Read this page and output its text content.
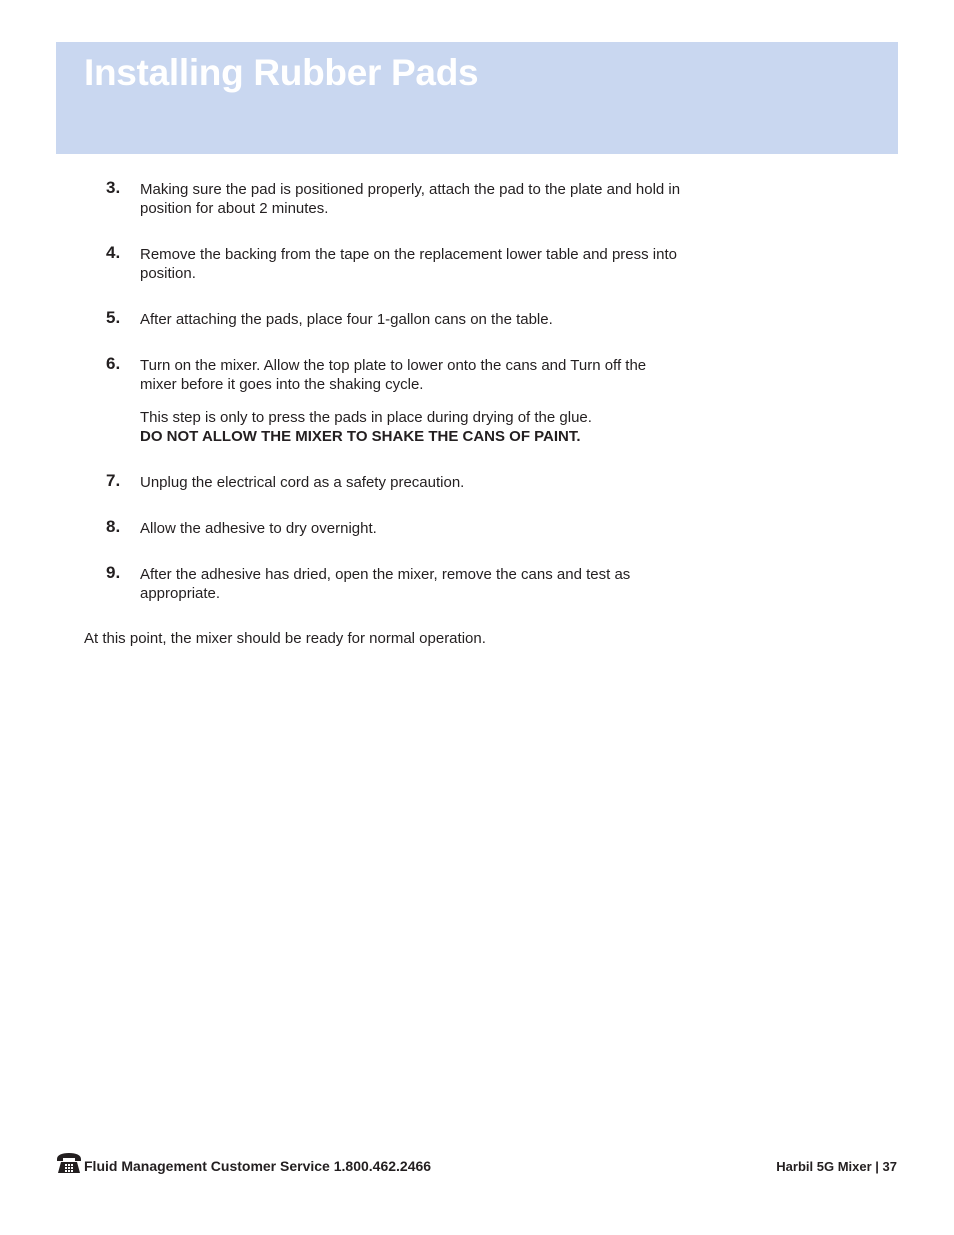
Installing Rubber Pads
3. Making sure the pad is positioned properly, attach the pad to the plate and hold in position for about 2 minutes.

4. Remove the backing from the tape on the replacement lower table and press into position.

5. After attaching the pads, place four 1-gallon cans on the table.

6. Turn on the mixer. Allow the top plate to lower onto the cans and Turn off the mixer before it goes into the shaking cycle.

This step is only to press the pads in place during drying of the glue.
DO NOT ALLOW THE MIXER TO SHAKE THE CANS OF PAINT.

7. Unplug the electrical cord as a safety precaution.

8. Allow the adhesive to dry overnight.

9. After the adhesive has dried, open the mixer, remove the cans and test as appropriate.

At this point, the mixer should be ready for normal operation.

Fluid Management Customer Service 1.800.462.2466	Harbil 5G Mixer | 37
